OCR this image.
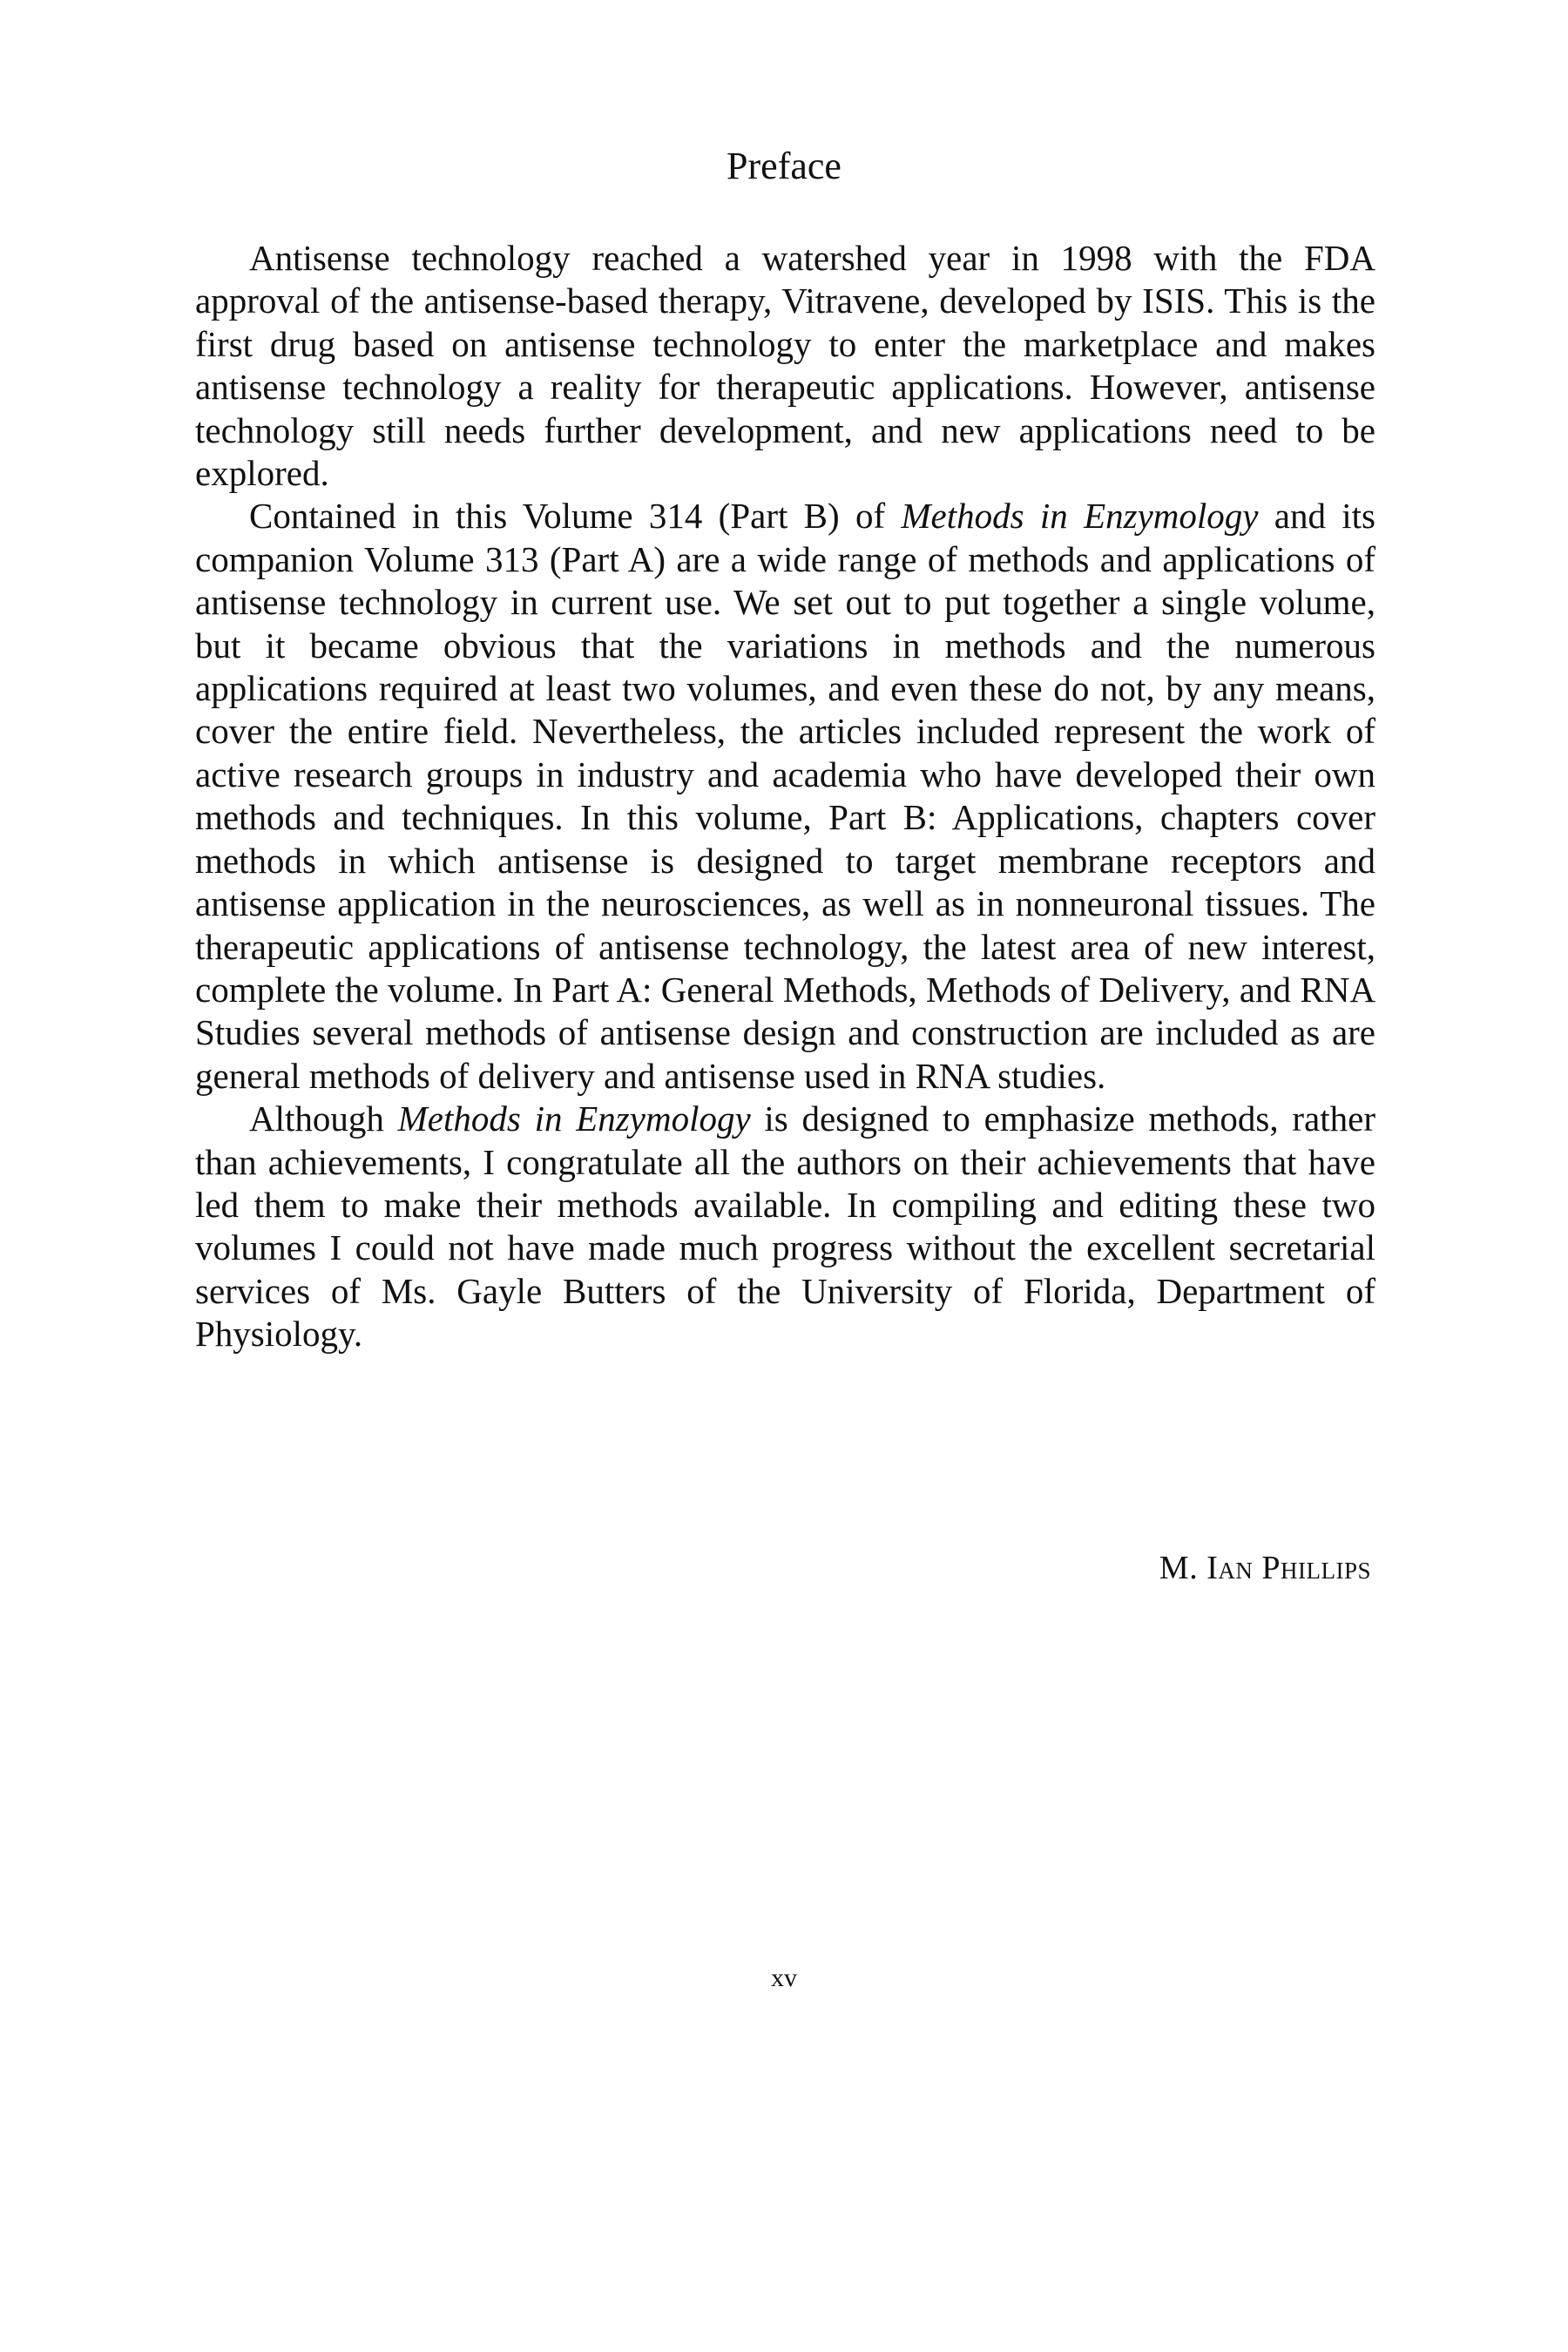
Preface

Antisense technology reached a watershed year in 1998 with the FDA approval of the antisense-based therapy, Vitravene, developed by ISIS. This is the first drug based on antisense technology to enter the marketplace and makes antisense technology a reality for therapeutic applications. However, antisense technology still needs further development, and new applications need to be explored.

Contained in this Volume 314 (Part B) of Methods in Enzymology and its companion Volume 313 (Part A) are a wide range of methods and applications of antisense technology in current use. We set out to put together a single volume, but it became obvious that the variations in methods and the numerous applications required at least two volumes, and even these do not, by any means, cover the entire field. Nevertheless, the articles included represent the work of active research groups in industry and academia who have developed their own methods and techniques. In this volume, Part B: Applications, chapters cover methods in which antisense is designed to target membrane receptors and antisense application in the neurosciences, as well as in nonneuronal tissues. The therapeutic applications of antisense technology, the latest area of new interest, complete the volume. In Part A: General Methods, Methods of Delivery, and RNA Studies several methods of antisense design and construction are included as are general methods of delivery and antisense used in RNA studies.

Although Methods in Enzymology is designed to emphasize methods, rather than achievements, I congratulate all the authors on their achievements that have led them to make their methods available. In compiling and editing these two volumes I could not have made much progress without the excellent secretarial services of Ms. Gayle Butters of the University of Florida, Department of Physiology.

M. Ian Phillips
xv
